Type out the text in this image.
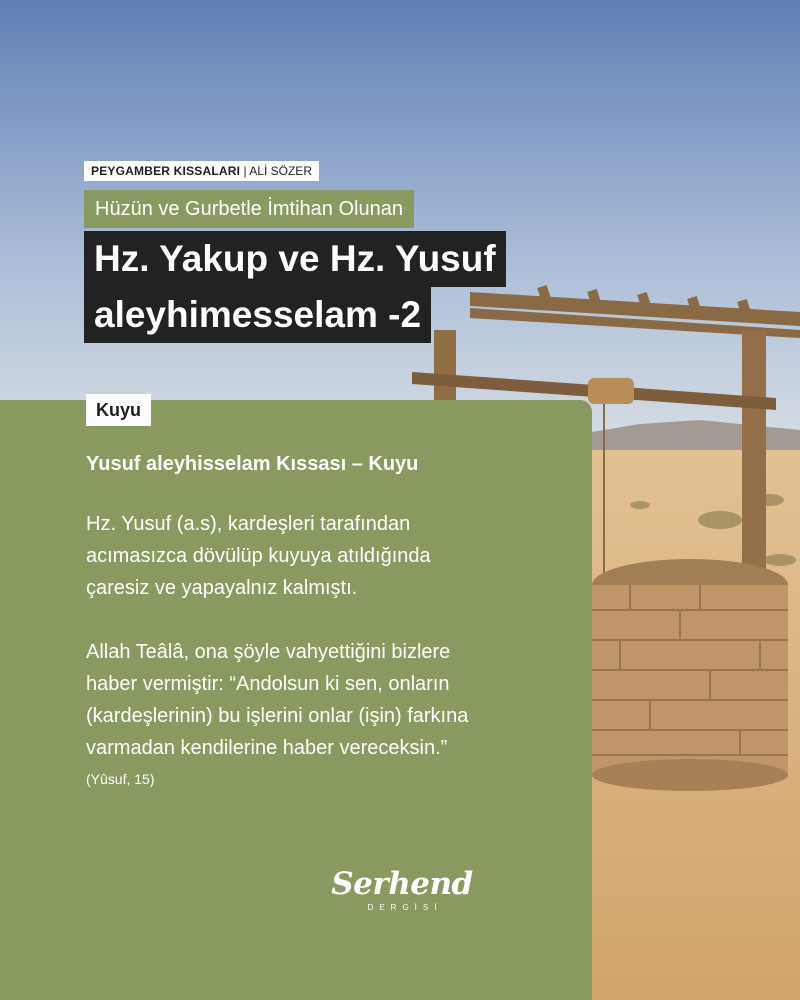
PEYGAMBER KISSALARI | ALİ SÖZER
Hüzün ve Gurbetle İmtihan Olunan
Hz. Yakup ve Hz. Yusuf
aleyhimesselam -2
Kuyu
Yusuf aleyhisselam Kıssası – Kuyu
Hz. Yusuf (a.s), kardeşleri tarafından
acımasızca dövülüp kuyuya atıldığında
çaresiz ve yapayalnız kalmıştı.
Allah Teâlâ, ona şöyle vahyettiğini bizlere
haber vermiştir: “Andolsun ki sen, onların
(kardeşlerinin) bu işlerini onlar (işin) farkına
varmadan kendilerine haber vereceksin.”
(Yûsuf, 15)
Serhend
DERGİSİ
